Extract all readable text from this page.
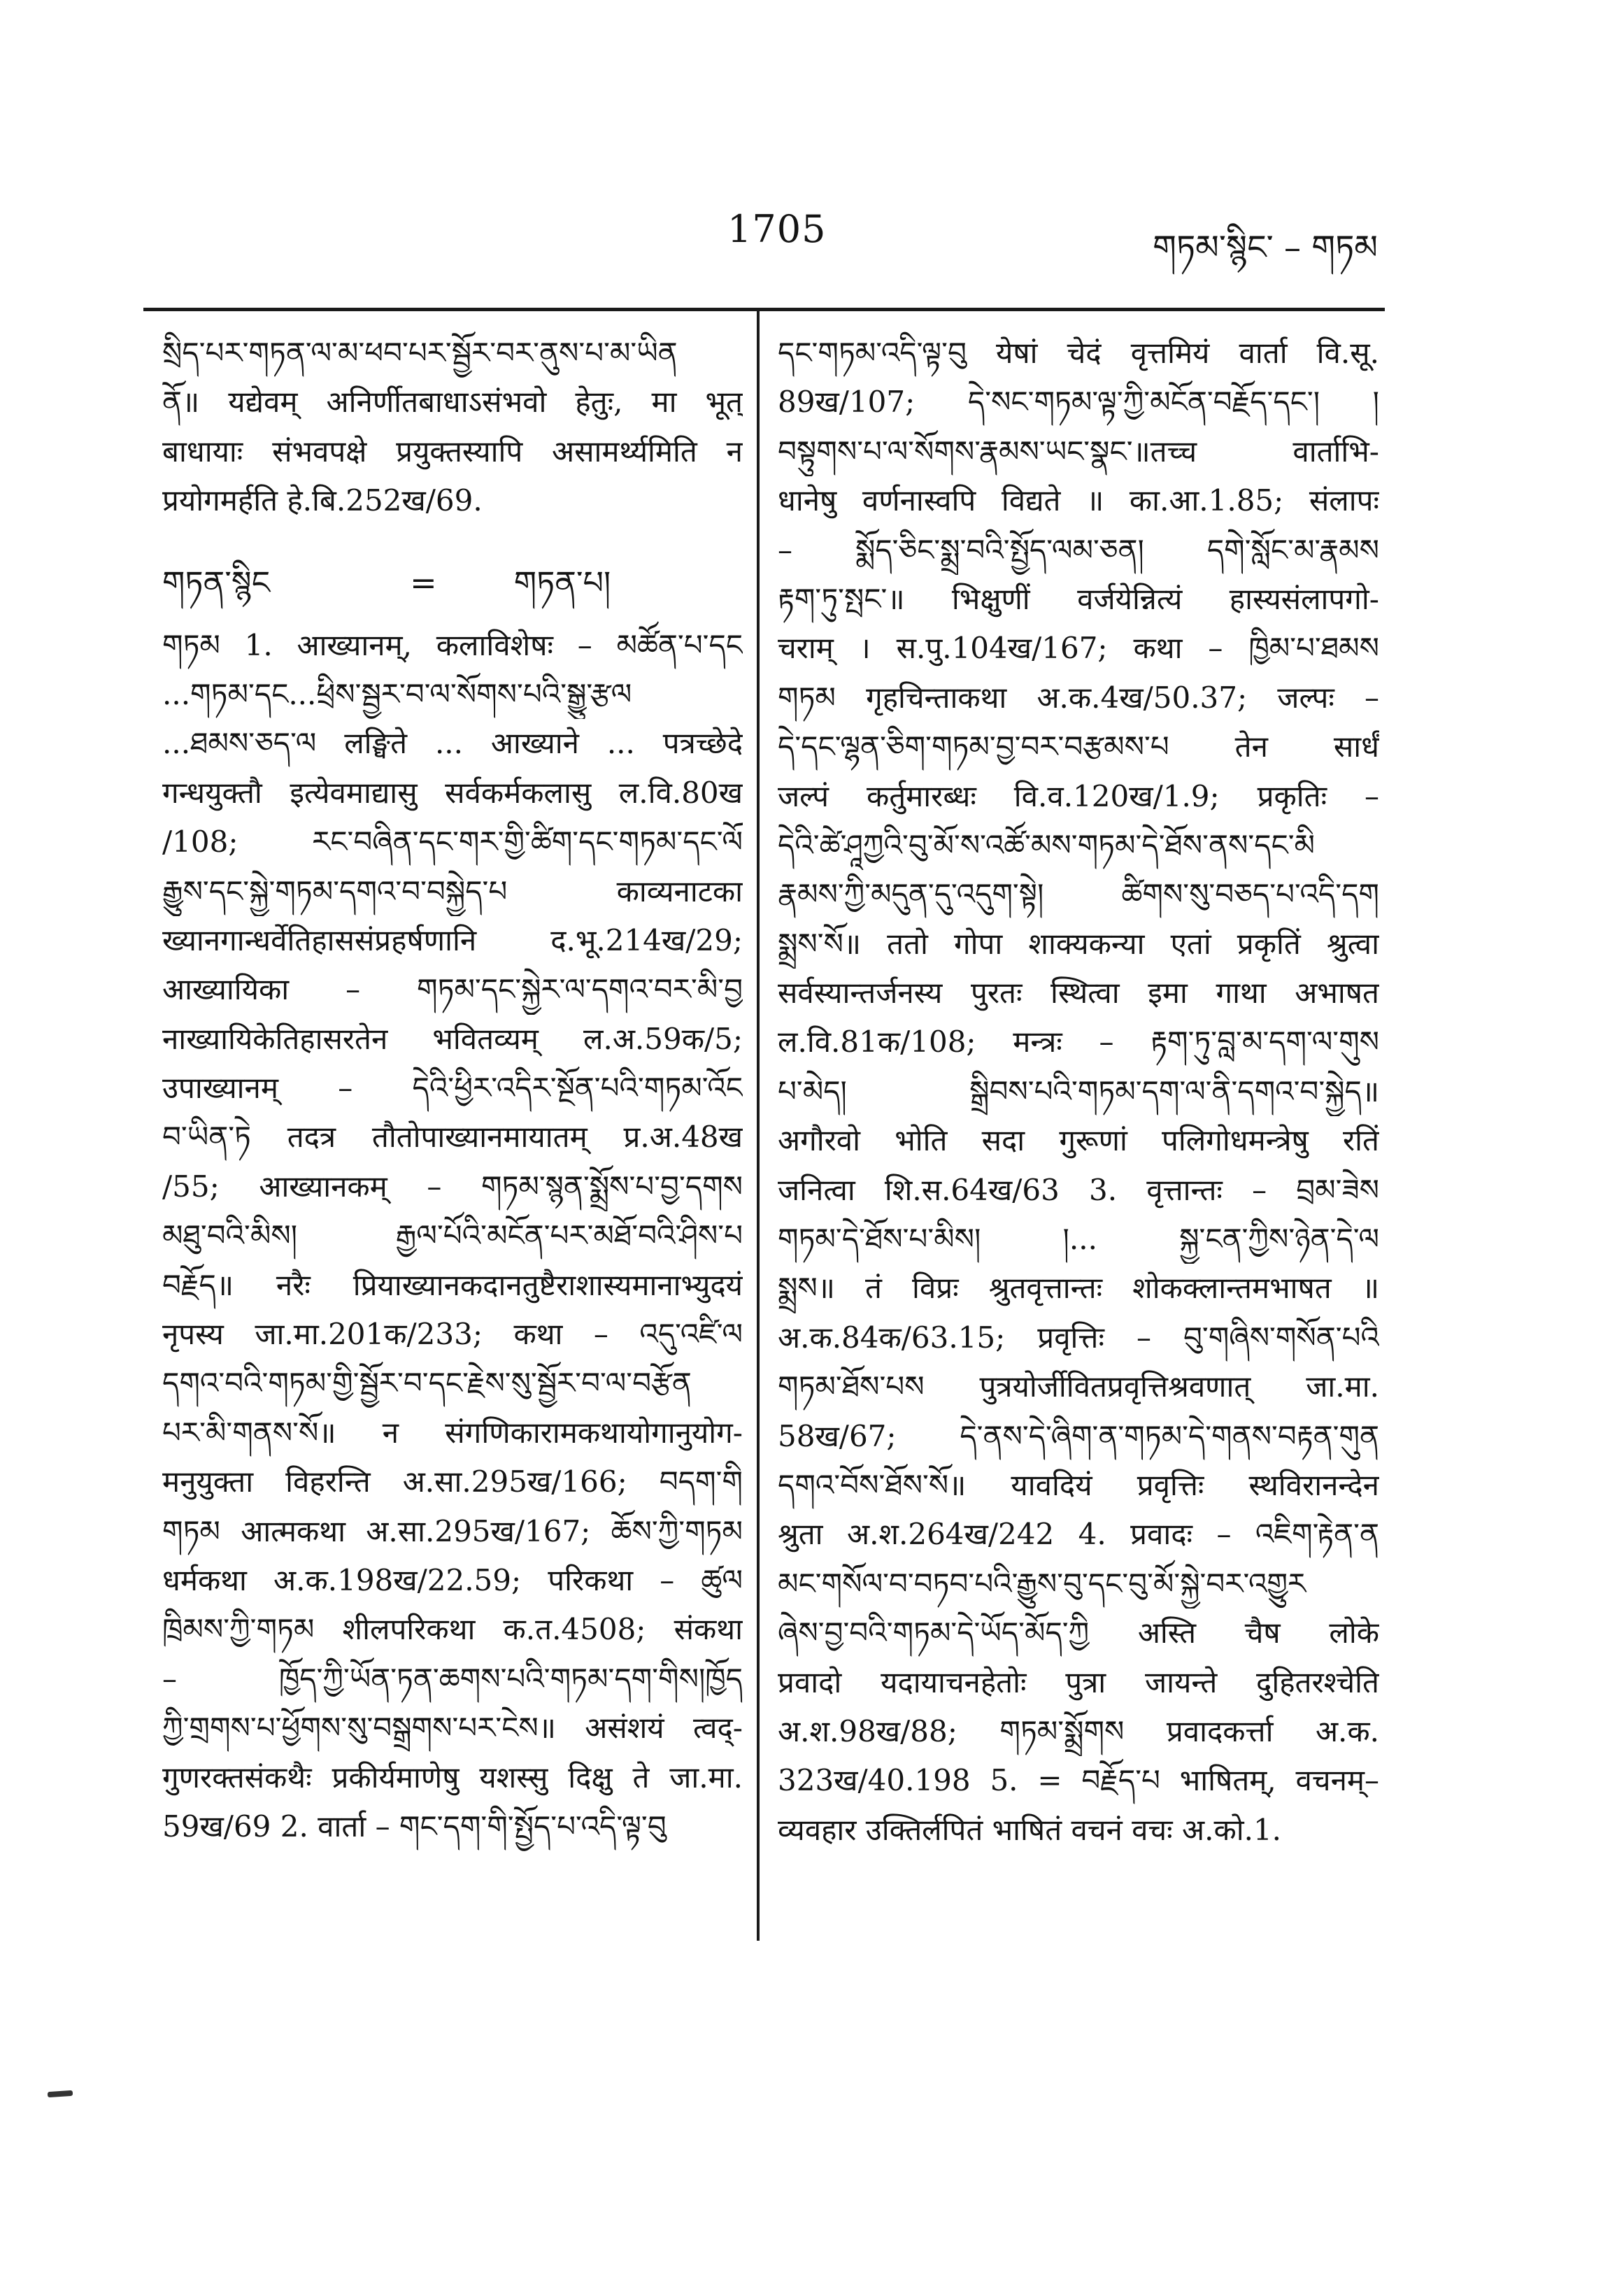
1705	གཏམ་སྙིང་ – གཏམ
སྲིད་པར་གཏན་ལ་མ་ཕབ་པར་སྦྱོར་བར་ནུས་པ་མ་ཡིན
ནོ॥ यद्येवम् अनिर्णीतबाधाऽसंभवो हेतुः, मा भूत्
बाधायाः संभवपक्षे प्रयुक्तस्यापि असामर्थ्यमिति न
प्रयोगमर्हति हे.बि.252ख/69.
གཏན་སྙིང	= གཏན་པ།
གཏམ 1. आख्यानम्, कलाविशेषः – མཚོན་པ་དང
...གཏམ་དང...ཕྲིས་སྦྱར་བ་ལ་སོགས་པའི་སྒྱུ་རྩལ
...ཐམས་ཅད་ལ लङ्घिते ... आख्याने ... पत्रच्छेदे
गन्धयुक्तौ इत्येवमाद्यासु सर्वकर्मकलासु ल.वि.80ख
/108; རང་བཞིན་དང་གར་གྱི་ཚིག་དང་གཏམ་དང་ལོ
རྒྱུས་དང་སྐྱེ་གཏམ་དགའ་བ་བསྐྱེད་པ काव्यनाटका
ख्यानगान्धर्वेतिहाससंप्रहर्षणानि द.भू.214ख/29;
आख्यायिका – གཏམ་དང་སྐྱེར་ལ་དགའ་བར་མི་བྱ
नाख्यायिकेतिहासरतेन भवितव्यम् ल.अ.59क/5;
उपाख्यानम् – དེའི་ཕྱིར་འདིར་སྔོན་པའི་གཏམ་འོང
བ་ཡིན་ཏེ तदत्र तौतोपाख्यानमायातम् प्र.अ.48ख
/55; आख्यानकम् – གཏམ་སྙན་སྨྲོས་པ་བྱ་དགས
མཐུ་བའི་མིས། རྒྱལ་པོའི་མངོན་པར་མཐོ་བའི་ཤིས་པ
བརྗོད॥ नरैः प्रियाख्यानकदानतुष्टैराशास्यमानाभ्युदयं
नृपस्य जा.मा.201क/233; कथा – འདུ་འཛི་ལ
དགའ་བའི་གཏམ་གྱི་སྦྱོར་བ་དང་རྗེས་སུ་སྦྱོར་བ་ལ་བརྩོན
པར་མི་གནས་སོ॥ न संगणिकारामकथायोगानुयोग-
मनुयुक्ता विहरन्ति अ.सा.295ख/166; བདག་གི
གཏམ आत्मकथा अ.सा.295ख/167; ཆོས་ཀྱི་གཏམ
धर्मकथा अ.क.198ख/22.59; परिकथा – ཚུལ
ཁྲིམས་ཀྱི་གཏམ शीलपरिकथा क.त.4508; संकथा
– ཁྱོད་ཀྱི་ཡོན་ཏན་ཆགས་པའི་གཏམ་དག་གིས།ཁྱོད
ཀྱི་གྲགས་པ་ཕྱོགས་སུ་བསྒྲགས་པར་ངེས॥ असंशयं त्वद्-
गुणरक्तसंकथैः प्रकीर्यमाणेषु यशस्सु दिक्षु ते जा.मा.
59ख/69 2. वार्ता – གང་དག་གི་སྤྱོད་པ་འདི་ལྟ་བུ
དང་གཏམ་འདི་ལྟ་བུ येषां चेदं वृत्तमियं वार्ता वि.सू.
89ख/107; དེ་སང་གཏམ་ལྟ་ཀྱི་མངོན་བརྗོད་དང་། །
བསྟུགས་པ་ལ་སོགས་རྣམས་ཡང་སྣང་॥तच्च वार्ताभि-
धानेषु वर्णनास्वपि विद्यते ॥ का.आ.1.85; संलापः
– སྨོད་ཅིང་སྨྲ་བའི་སྤྱོད་ལམ་ཅན། དགེ་སློང་མ་རྣམས
རྟག་ཏུ་སྤང་॥ भिक्षुणीं वर्जयेन्नित्यं हास्यसंलापगो-
चराम् । स.पु.104ख/167; कथा – ཁྱིམ་པ་ཐམས
གཏམ गृहचिन्ताकथा अ.क.4ख/50.37; जल्पः –
དེ་དང་ལྷན་ཅིག་གཏམ་བྱ་བར་བརྩམས་པ तेन सार्धं
जल्पं कर्तुमारब्धः वि.व.120ख/1.9; प्रकृतिः –
དེའི་ཚེ་ཤཱཀྱའི་བུ་མོ་ས་འཚོ་མས་གཏམ་དེ་ཐོས་ནས་དང་མི
རྣམས་ཀྱི་མདུན་དུ་འདུག་སྟེ། ཚིགས་སུ་བཅད་པ་འདི་དག
སྨྲས་སོ॥ ततो गोपा शाक्यकन्या एतां प्रकृतिं श्रुत्वा
सर्वस्यान्तर्जनस्य पुरतः स्थित्वा इमा गाथा अभाषत
ल.वि.81क/108; मन्त्रः – རྟག་ཏུ་བླ་མ་དག་ལ་གུས
པ་མེད། སྒྲིབས་པའི་གཏམ་དག་ལ་ནི་དགའ་བ་སྐྱེད॥
अगौरवो भोति सदा गुरूणां पलिगोधमन्त्रेषु रतिं
जनित्वा शि.स.64ख/63 3. वृत्तान्तः – བྲམ་ཟེས
གཏམ་དེ་ཐོས་པ་མིས། །... སྐྱ་ངན་ཀྱིས་ཉེན་དེ་ལ
སྨྲས॥ तं विप्रः श्रुतवृत्तान्तः शोकक्लान्तमभाषत ॥
अ.क.84क/63.15; प्रवृत्तिः – བུ་གཞིས་གསོན་པའི
གཏམ་ཐོས་པས पुत्रयोर्जीवितप्रवृत्तिश्रवणात् जा.मा.
58ख/67; དེ་ནས་དེ་ཞིག་ན་གཏམ་དེ་གནས་བརྟན་གུན
དགའ་བོས་ཐོས་སོ॥ यावदियं प्रवृत्तिः स्थविरानन्देन
श्रुता अ.श.264ख/242 4. प्रवादः – འཇིག་རྟེན་ན
མང་གསོལ་བ་བཏབ་པའི་རྒྱུས་བུ་དང་བུ་མོ་སྐྱེ་བར་འགྱུར
ཞེས་བྱ་བའི་གཏམ་དེ་ཡོད་མོད་ཀྱི अस्ति चैष लोके
प्रवादो यदायाचनहेतोः पुत्रा जायन्ते दुहितरश्चेति
अ.श.98ख/88; གཏམ་སྨྲོགས प्रवादकर्त्ता अ.क.
323ख/40.198 5. = བརྗོད་པ भाषितम्, वचनम्–
व्यवहार उक्तिर्लपितं भाषितं वचनं वचः अ.को.1.
